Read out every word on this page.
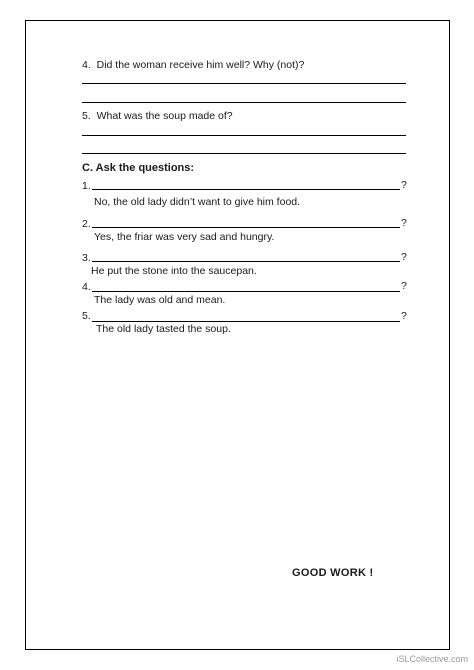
4. Did the woman receive him well? Why (not)?
5. What was the soup made of?
C. Ask the questions:
1.	?
No, the old lady didn’t want to give him food.
2.	?
Yes, the friar was very sad and hungry.
3.	?
He put the stone into the saucepan.
4.	?
The lady was old and mean.
5.	?
The old lady tasted the soup.
GOOD WORK !
iSLCollective.com
